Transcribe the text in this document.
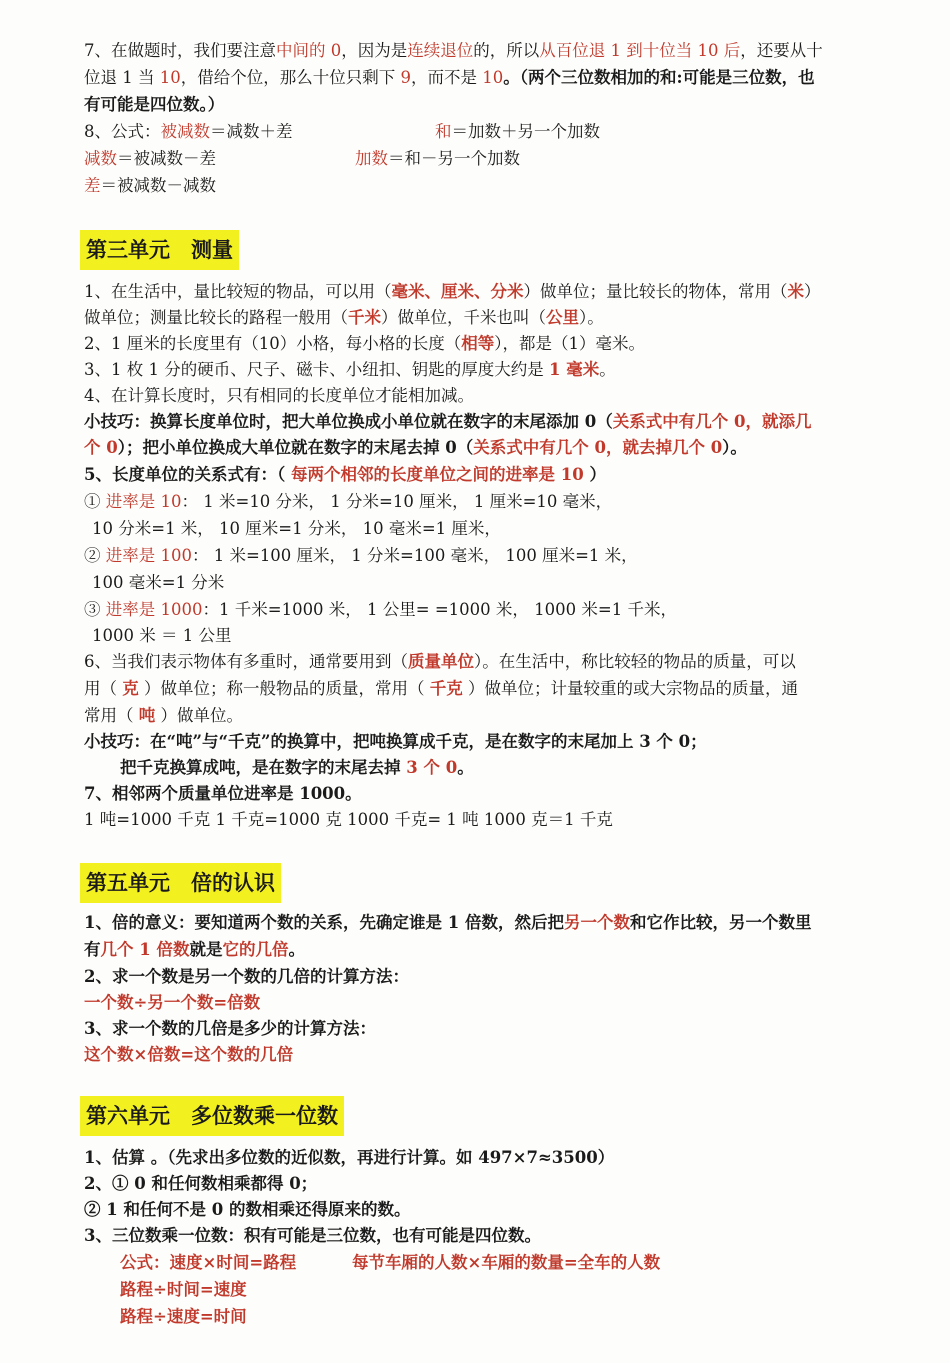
7、在做题时，我们要注意中间的 0，因为是连续退位的，所以从百位退 1 到十位当 10 后，还要从十
位退 1 当 10，借给个位，那么十位只剩下 9，而不是 10。（两个三位数相加的和:可能是三位数，也
有可能是四位数。）
8、公式：被减数＝减数＋差	和＝加数＋另一个加数
减数＝被减数－差	加数＝和－另一个加数
差＝被减数－减数
第三单元　测量
1、在生活中，量比较短的物品，可以用（毫米、厘米、分米）做单位；量比较长的物体，常用（米）
做单位；测量比较长的路程一般用（千米）做单位，千米也叫（公里）。
2、1 厘米的长度里有（10）小格，每小格的长度（相等），都是（1）毫米。
3、1 枚 1 分的硬币、尺子、磁卡、小纽扣、钥匙的厚度大约是 1 毫米。
4、在计算长度时，只有相同的长度单位才能相加减。
小技巧：换算长度单位时，把大单位换成小单位就在数字的末尾添加 0（关系式中有几个 0，就添几
个 0）；把小单位换成大单位就在数字的末尾去掉 0（关系式中有几个 0，就去掉几个 0）。
5、长度单位的关系式有：（ 每两个相邻的长度单位之间的进率是 10 ）
① 进率是 10： 1 米=10 分米， 1 分米=10 厘米， 1 厘米=10 毫米，
10 分米=1 米， 10 厘米=1 分米， 10 毫米=1 厘米，
② 进率是 100： 1 米=100 厘米， 1 分米=100 毫米， 100 厘米=1 米，
100 毫米=1 分米
③ 进率是 1000：1 千米=1000 米， 1 公里= =1000 米， 1000 米=1 千米，
1000 米 ＝ 1 公里
6、当我们表示物体有多重时，通常要用到（质量单位）。在生活中，称比较轻的物品的质量，可以
用（ 克 ）做单位；称一般物品的质量，常用（ 千克 ）做单位；计量较重的或大宗物品的质量，通
常用（ 吨 ）做单位。
小技巧：在“吨”与“千克”的换算中，把吨换算成千克，是在数字的末尾加上 3 个 0；
把千克换算成吨，是在数字的末尾去掉 3 个 0。
7、相邻两个质量单位进率是 1000。
1 吨=1000 千克 1 千克=1000 克 1000 千克= 1 吨 1000 克＝1 千克
第五单元　倍的认识
1、倍的意义：要知道两个数的关系，先确定谁是 1 倍数，然后把另一个数和它作比较，另一个数里
有几个 1 倍数就是它的几倍。
2、求一个数是另一个数的几倍的计算方法：
一个数÷另一个数=倍数
3、求一个数的几倍是多少的计算方法：
这个数×倍数=这个数的几倍
第六单元　多位数乘一位数
1、估算 。（先求出多位数的近似数，再进行计算。如 497×7≈3500）
2、① 0 和任何数相乘都得 0；
② 1 和任何不是 0 的数相乘还得原来的数。
3、三位数乘一位数：积有可能是三位数，也有可能是四位数。
公式：速度×时间=路程	每节车厢的人数×车厢的数量=全车的人数
路程÷时间=速度
路程÷速度=时间
